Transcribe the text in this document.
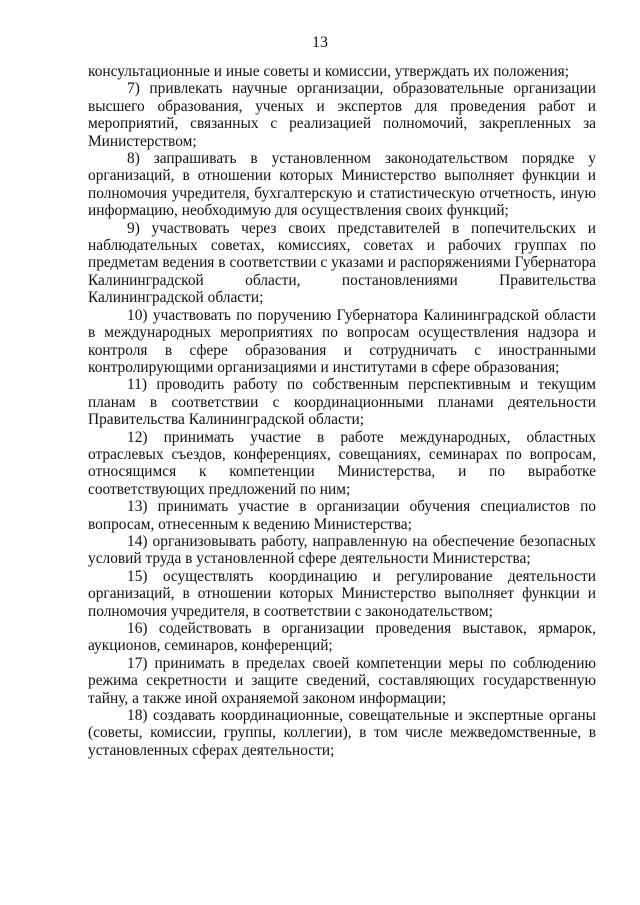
13

консультационные и иные советы и комиссии, утверждать их положения;

7) привлекать научные организации, образовательные организации высшего образования, ученых и экспертов для проведения работ и мероприятий, связанных с реализацией полномочий, закрепленных за Министерством;

8) запрашивать в установленном законодательством порядке у организаций, в отношении которых Министерство выполняет функции и полномочия учредителя, бухгалтерскую и статистическую отчетность, иную информацию, необходимую для осуществления своих функций;

9) участвовать через своих представителей в попечительских и наблюдательных советах, комиссиях, советах и рабочих группах по предметам ведения в соответствии с указами и распоряжениями Губернатора Калининградской области, постановлениями Правительства Калининградской области;

10) участвовать по поручению Губернатора Калининградской области в международных мероприятиях по вопросам осуществления надзора и контроля в сфере образования и сотрудничать с иностранными контролирующими организациями и институтами в сфере образования;

11) проводить работу по собственным перспективным и текущим планам в соответствии с координационными планами деятельности Правительства Калининградской области;

12) принимать участие в работе международных, областных отраслевых съездов, конференциях, совещаниях, семинарах по вопросам, относящимся к компетенции Министерства, и по выработке соответствующих предложений по ним;

13) принимать участие в организации обучения специалистов по вопросам, отнесенным к ведению Министерства;

14) организовывать работу, направленную на обеспечение безопасных условий труда в установленной сфере деятельности Министерства;

15) осуществлять координацию и регулирование деятельности организаций, в отношении которых Министерство выполняет функции и полномочия учредителя, в соответствии с законодательством;

16) содействовать в организации проведения выставок, ярмарок, аукционов, семинаров, конференций;

17) принимать в пределах своей компетенции меры по соблюдению режима секретности и защите сведений, составляющих государственную тайну, а также иной охраняемой законом информации;

18) создавать координационные, совещательные и экспертные органы (советы, комиссии, группы, коллегии), в том числе межведомственные, в установленных сферах деятельности;
